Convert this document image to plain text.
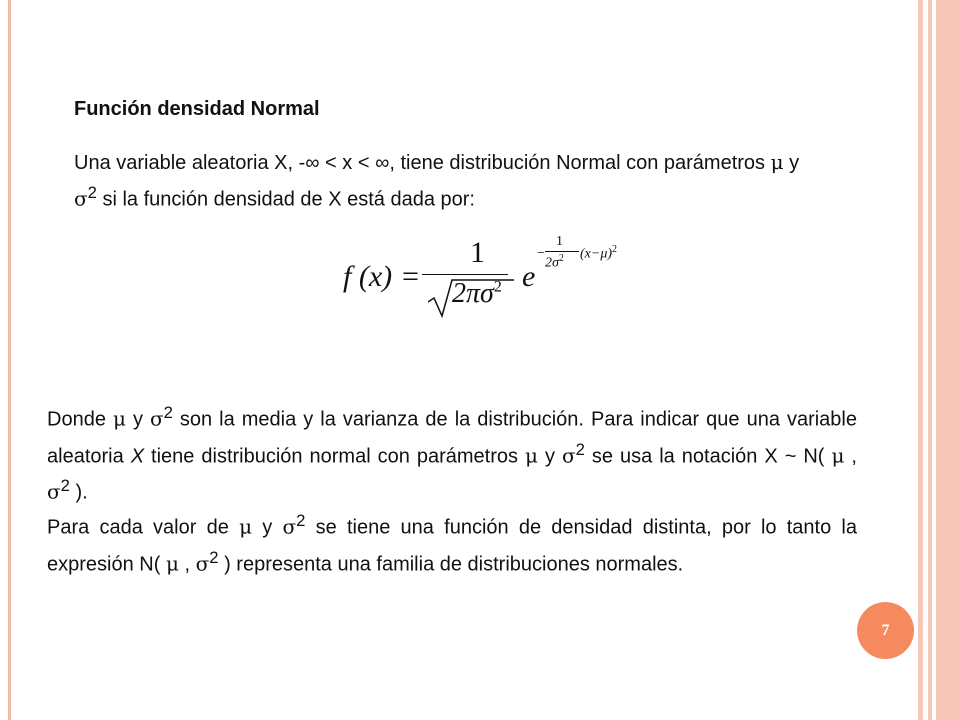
Función densidad Normal
Una variable aleatoria X, -∞ < x < ∞, tiene distribución Normal con parámetros μ y
$\sigma^2$ si la función densidad de X está dada por:
f (x) =
1
$2\pi\sigma^2$ e
−
1
$2\sigma^2$ $(x-\mu)^2$
Donde μ y $\sigma^2$ son la media y la varianza de la distribución. Para indicar que una variable aleatoria X tiene distribución normal con parámetros μ y $\sigma^2$ se usa la notación X ~ N( μ , $\sigma^2$ ).
Para cada valor de μ y $\sigma^2$ se tiene una función de densidad distinta, por lo tanto la expresión N( μ , $\sigma^2$ ) representa una familia de distribuciones normales.
7
